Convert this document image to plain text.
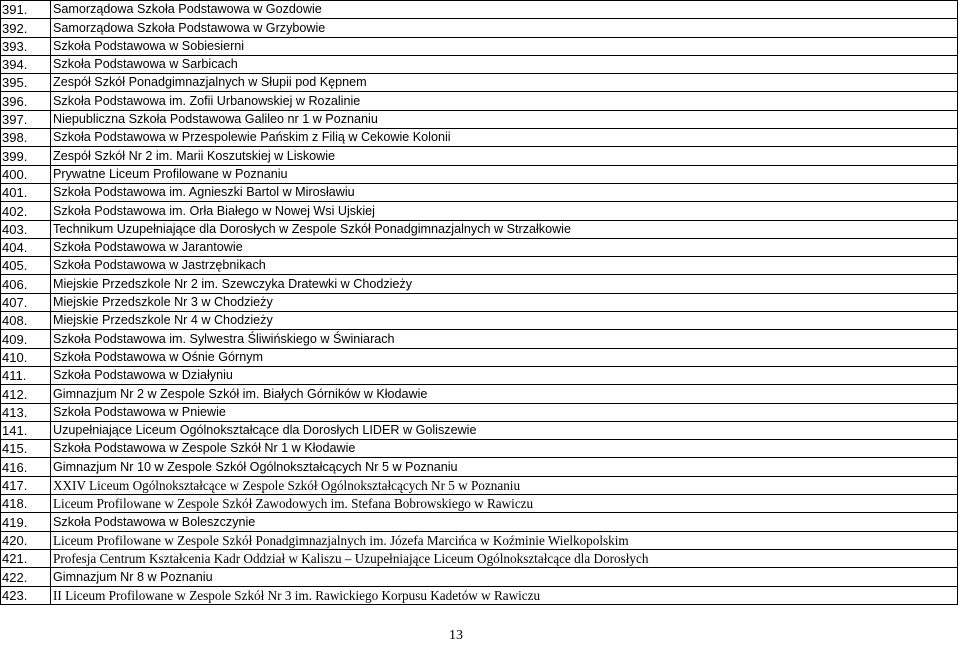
391.	Samorządowa Szkoła Podstawowa w Gozdowie
392.	Samorządowa Szkoła Podstawowa w Grzybowie
393.	Szkoła Podstawowa w Sobiesierni
394.	Szkoła Podstawowa w Sarbicach
395.	Zespół Szkół Ponadgimnazjalnych w Słupii pod Kępnem
396.	Szkoła Podstawowa im. Zofii Urbanowskiej w Rozalinie
397.	Niepubliczna Szkoła Podstawowa Galileo nr 1 w Poznaniu
398.	Szkoła Podstawowa w Przespolewie Pańskim z Filią w Cekowie Kolonii
399.	Zespół Szkół Nr 2 im. Marii Koszutskiej w Liskowie
400.	Prywatne Liceum Profilowane w Poznaniu
401.	Szkoła Podstawowa im. Agnieszki Bartol w Mirosławiu
402.	Szkoła Podstawowa im. Orła Białego w Nowej Wsi Ujskiej
403.	Technikum Uzupełniające dla Dorosłych w Zespole Szkół Ponadgimnazjalnych w Strzałkowie
404.	Szkoła Podstawowa w Jarantowie
405.	Szkoła Podstawowa w Jastrzębnikach
406.	Miejskie Przedszkole Nr 2 im. Szewczyka Dratewki w Chodzieży
407.	Miejskie Przedszkole Nr 3 w Chodzieży
408.	Miejskie Przedszkole Nr 4 w Chodzieży
409.	Szkoła Podstawowa im. Sylwestra Śliwińskiego w Świniarach
410.	Szkoła Podstawowa w Ośnie Górnym
411.	Szkoła Podstawowa w Działyniu
412.	Gimnazjum Nr 2 w Zespole Szkół im. Białych Górników w Kłodawie
413.	Szkoła Podstawowa w Pniewie
141.	Uzupełniające Liceum Ogólnokształcące dla Dorosłych LIDER w Goliszewie
415.	Szkoła Podstawowa w Zespole Szkół Nr 1 w Kłodawie
416.	Gimnazjum Nr 10 w Zespole Szkół Ogólnokształcących Nr 5 w Poznaniu
417.	XXIV Liceum Ogólnokształcące w Zespole Szkół Ogólnokształcących Nr 5 w Poznaniu
418.	Liceum Profilowane w Zespole Szkół Zawodowych im. Stefana Bobrowskiego w Rawiczu
419.	Szkoła Podstawowa w Boleszczynie
420.	Liceum Profilowane w Zespole Szkół Ponadgimnazjalnych im. Józefa Marcińca w Koźminie Wielkopolskim
421.	Profesja Centrum Kształcenia Kadr Oddział w Kaliszu – Uzupełniające Liceum Ogólnokształcące dla Dorosłych
422.	Gimnazjum Nr 8 w Poznaniu
423.	II Liceum Profilowane w Zespole Szkół Nr 3 im. Rawickiego Korpusu Kadetów w Rawiczu
13
